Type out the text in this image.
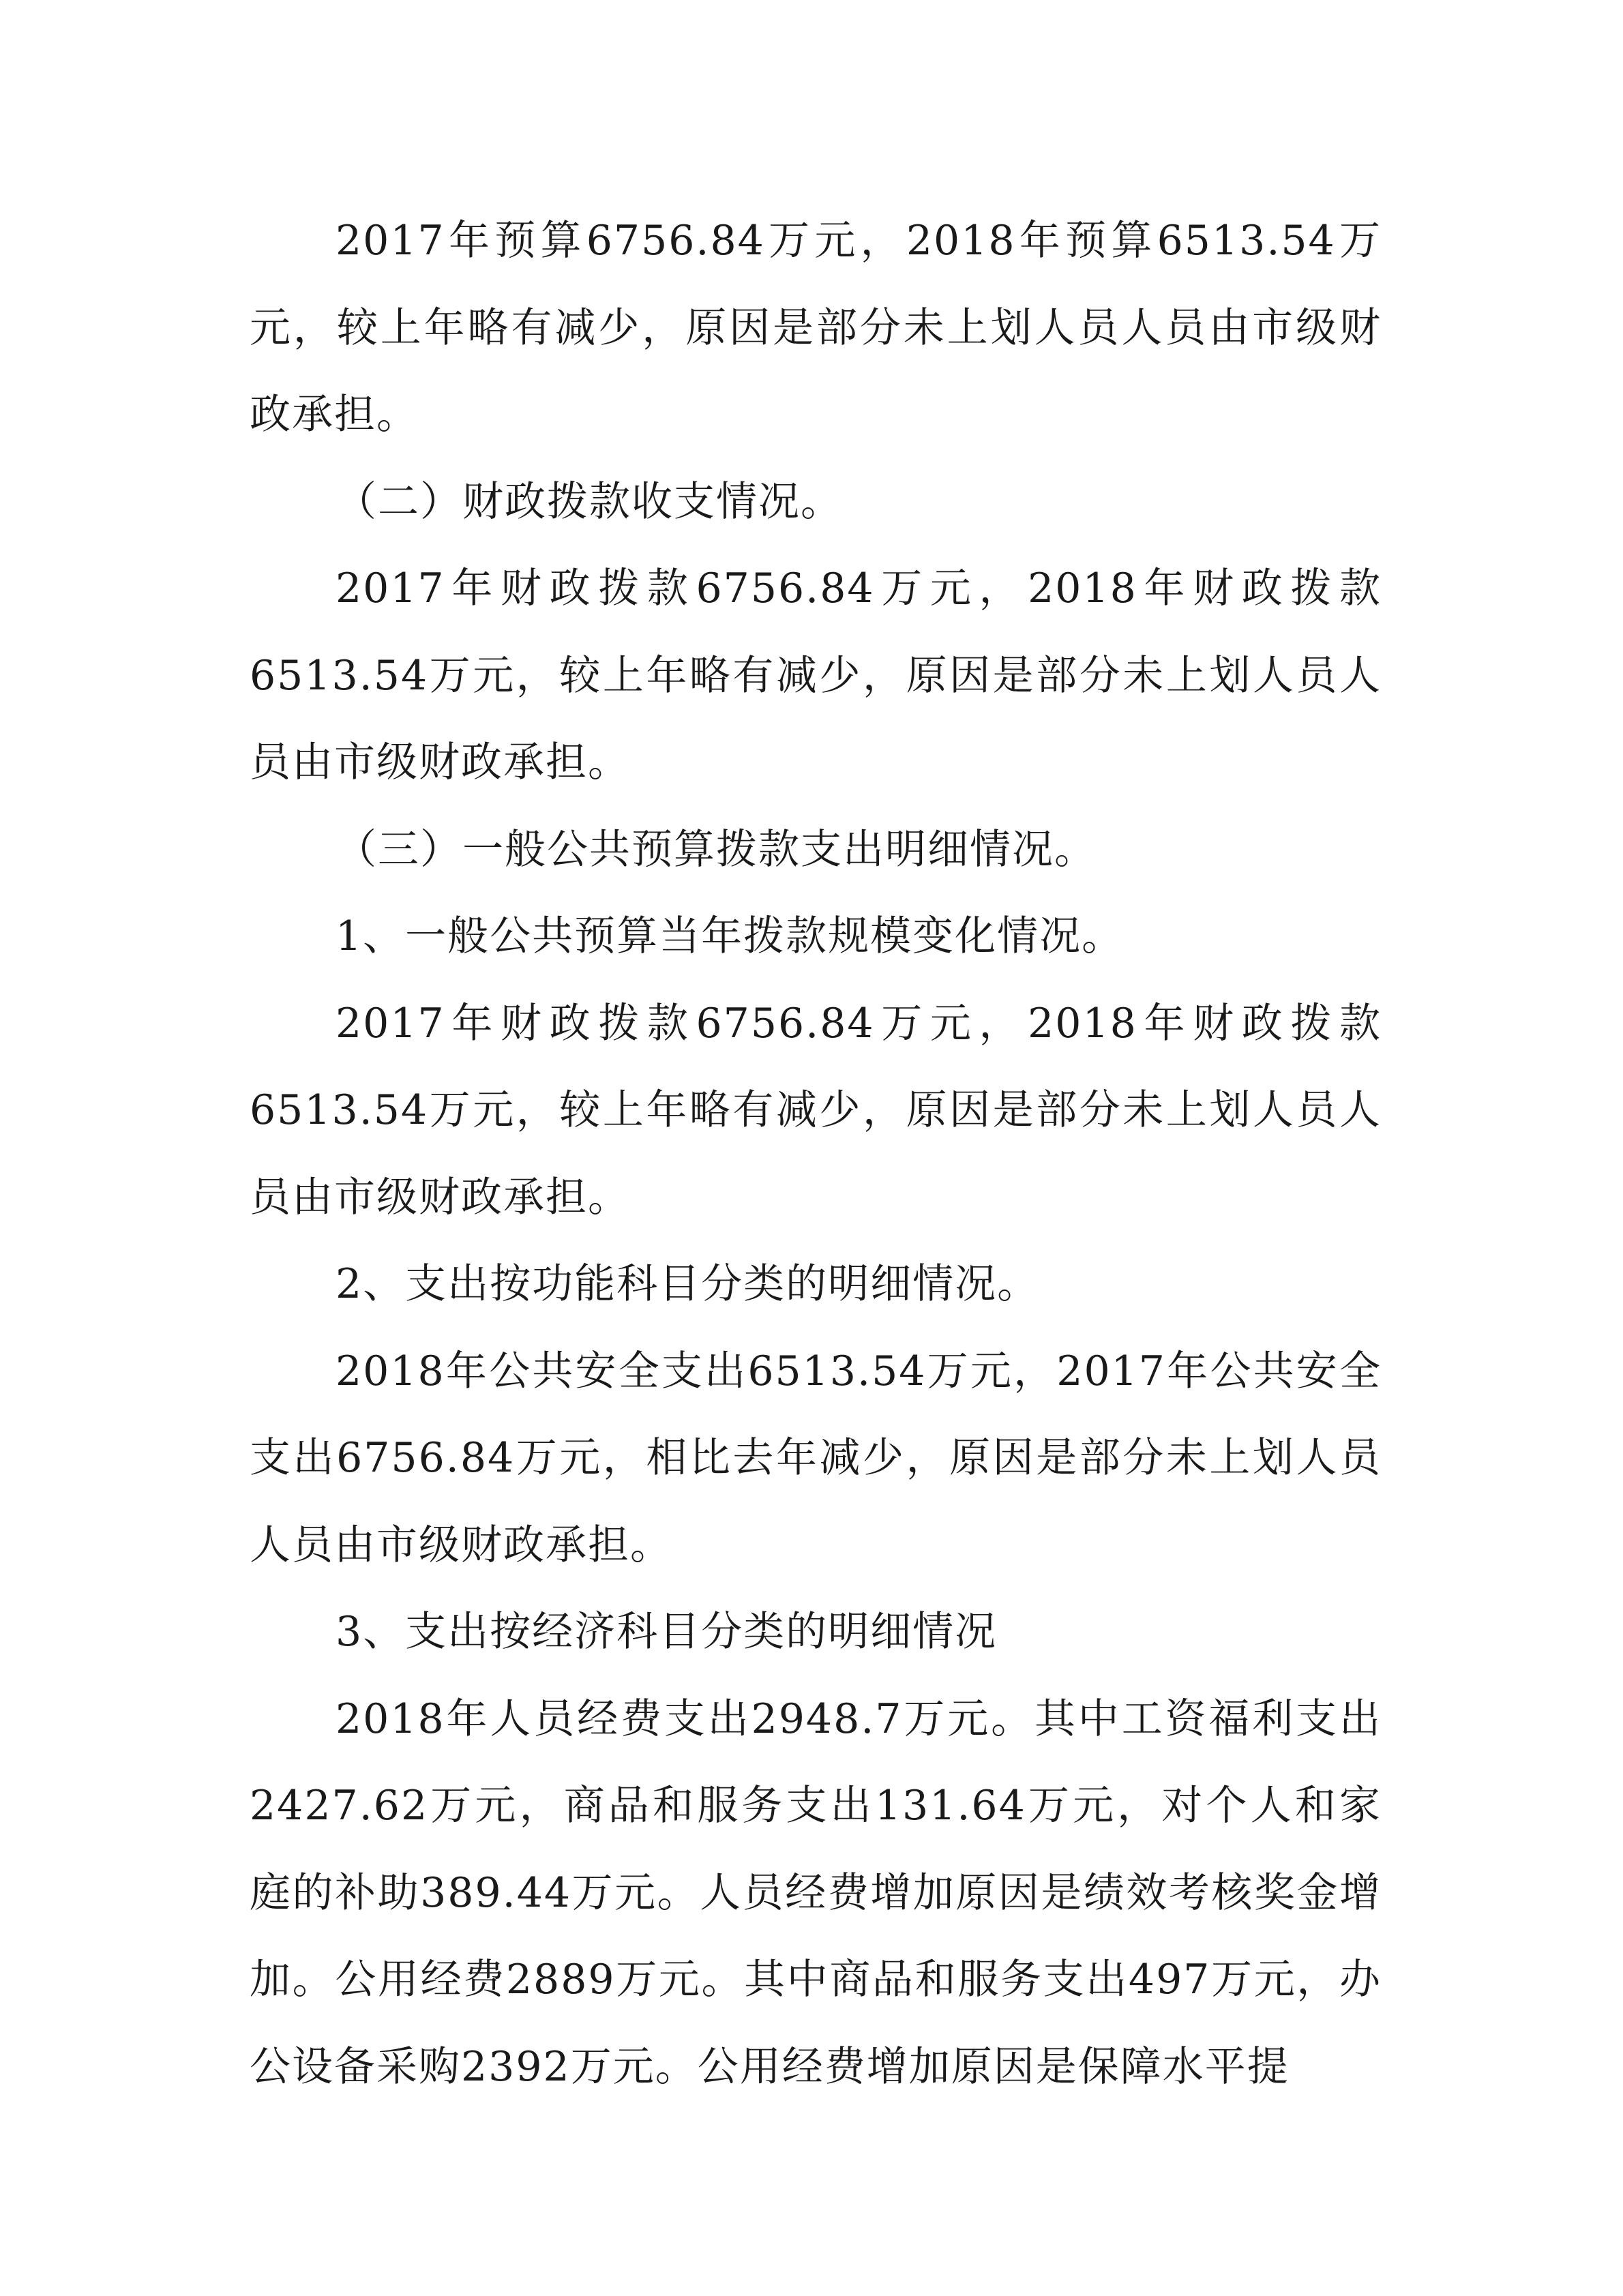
2017年预算6756.84万元，2018年预算6513.54万元，较上年略有减少，原因是部分未上划人员人员由市级财政承担。

（二）财政拨款收支情况。

2017年财政拨款6756.84万元，2018年财政拨款6513.54万元，较上年略有减少，原因是部分未上划人员人员由市级财政承担。

（三）一般公共预算拨款支出明细情况。

1、一般公共预算当年拨款规模变化情况。

2017年财政拨款6756.84万元，2018年财政拨款6513.54万元，较上年略有减少，原因是部分未上划人员人员由市级财政承担。

2、支出按功能科目分类的明细情况。

2018年公共安全支出6513.54万元，2017年公共安全支出6756.84万元，相比去年减少，原因是部分未上划人员人员由市级财政承担。

3、支出按经济科目分类的明细情况

2018年人员经费支出2948.7万元。其中工资福利支出2427.62万元，商品和服务支出131.64万元，对个人和家庭的补助389.44万元。人员经费增加原因是绩效考核奖金增加。公用经费2889万元。其中商品和服务支出497万元，办公设备采购2392万元。公用经费增加原因是保障水平提
